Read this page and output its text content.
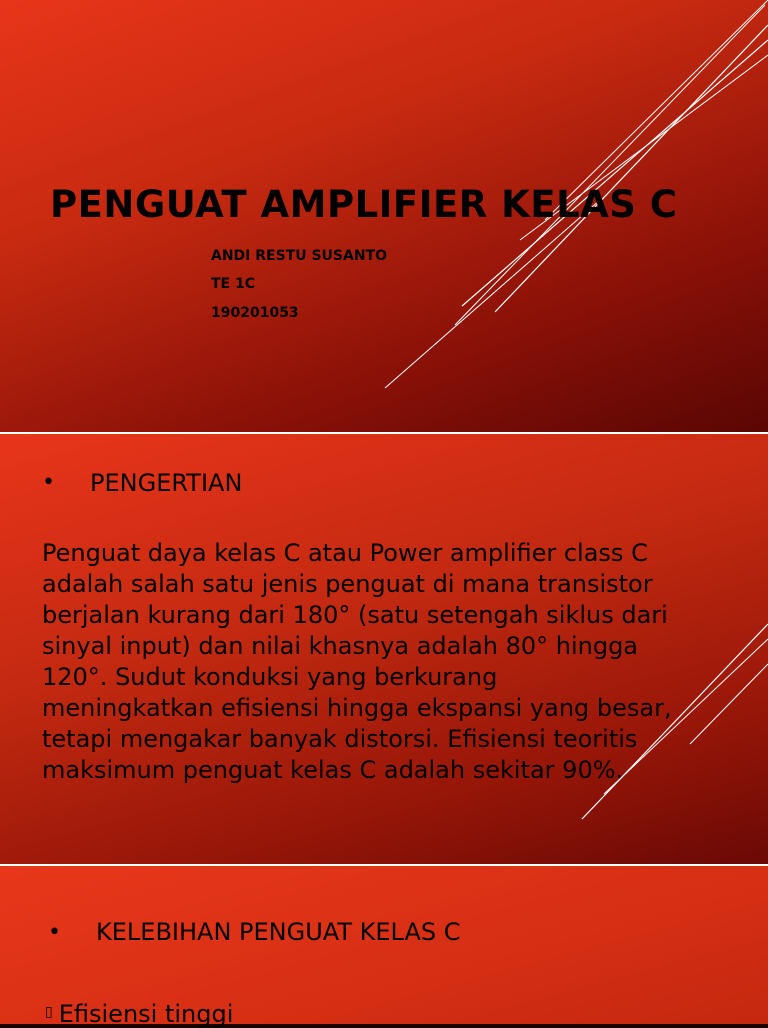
PENGUAT AMPLIFIER KELAS C
ANDI RESTU SUSANTO
TE 1C
190201053
• PENGERTIAN
Penguat daya kelas C atau Power amplifier class C
adalah salah satu jenis penguat di mana transistor
berjalan kurang dari 180° (satu setengah siklus dari
sinyal input) dan nilai khasnya adalah 80° hingga
120°. Sudut konduksi yang berkurang
meningkatkan efisiensi hingga ekspansi yang besar,
tetapi mengakar banyak distorsi. Efisiensi teoritis
maksimum penguat kelas C adalah sekitar 90%.
• KELEBIHAN PENGUAT KELAS C
▯ Efisiensi tinggi
